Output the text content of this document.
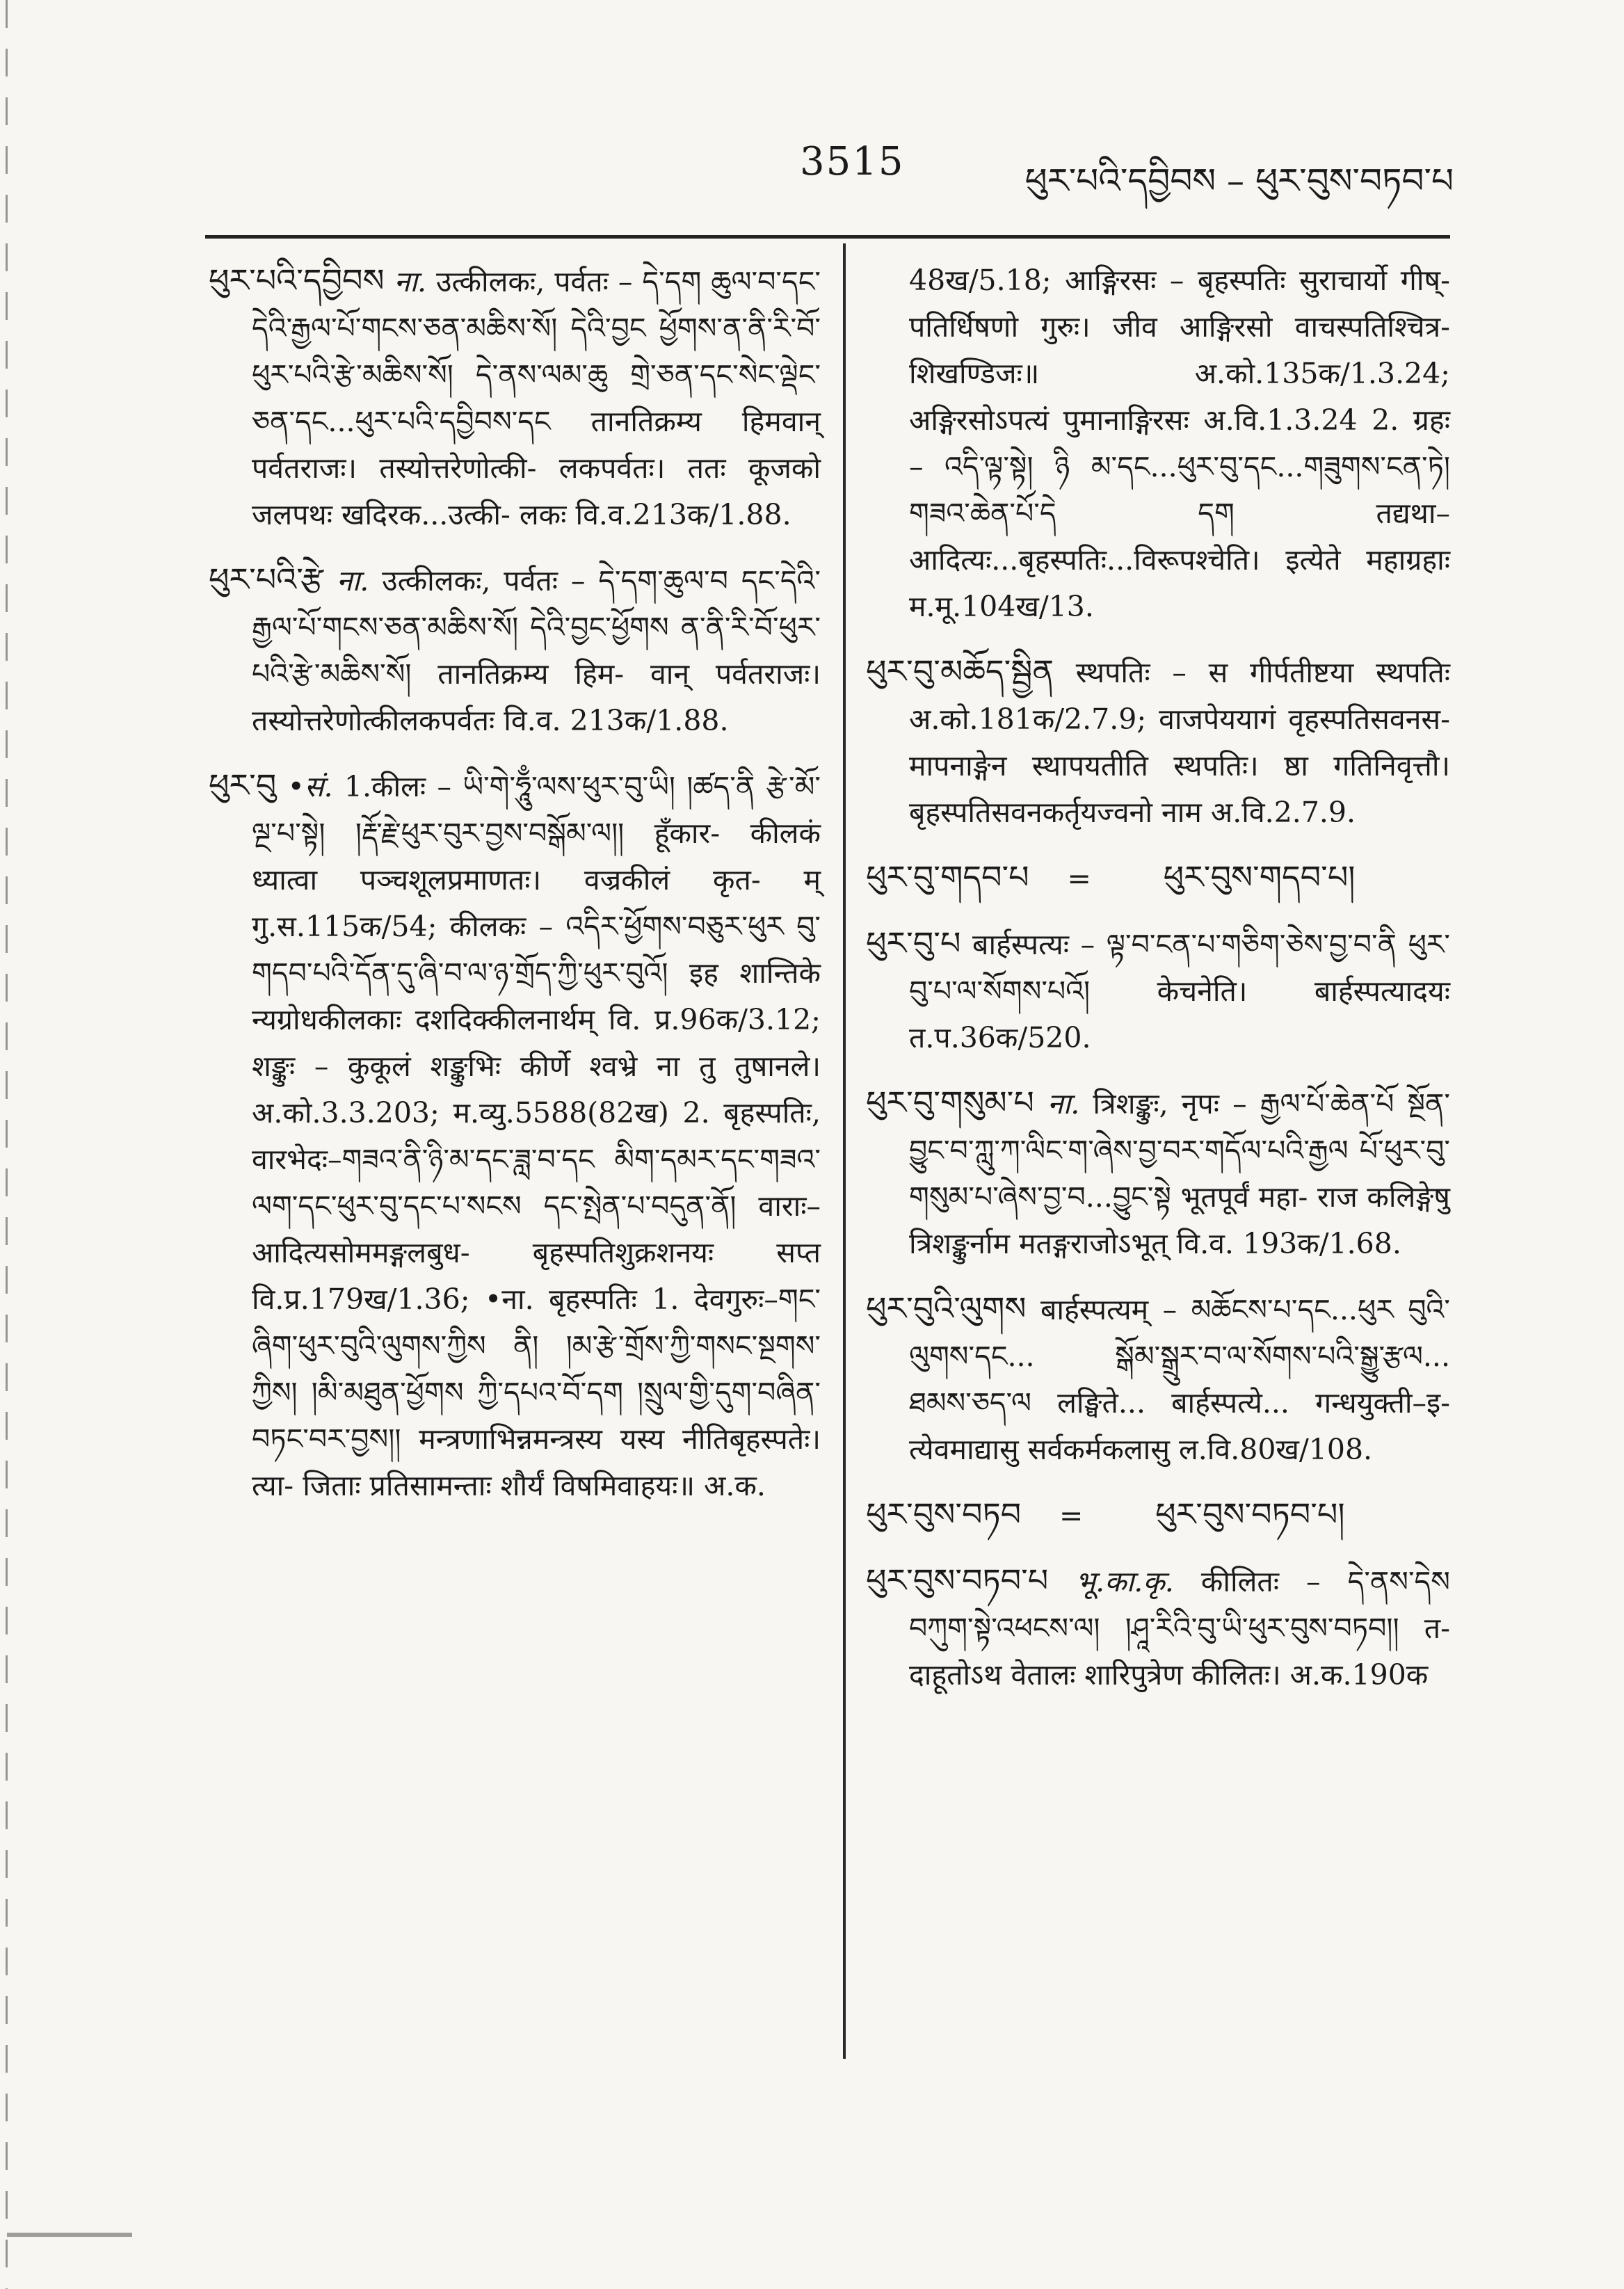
3515	ཕུར་པའི་དབྱིབས – ཕུར་བུས་བཏབ་པ
ཕུར་པའི་དབྱིབས ना. उत्कीलकः, पर्वतः – དེ་དག ཆུལ་བ་དང་དེའི་རྒྱལ་པོ་གངས་ཅན་མཆིས་སོ། དེའི་བྱང ཕྱོགས་ན་ནི་རི་བོ་ཕུར་པའི་རྩེ་མཆིས་སོ། དེ་ནས་ལམ་ཆུ གྲེ་ཅན་དང་སེང་ལྡེང་ཅན་དང...ཕུར་པའི་དབྱིབས་དང तानतिक्रम्य हिमवान् पर्वतराजः। तस्योत्तरेणोत्की- लकपर्वतः। ततः कूजको जलपथः खदिरक...उत्की- लकः वि.व.213क/1.88.
ཕུར་པའི་རྩེ ना. उत्कीलकः, पर्वतः – དེ་དག་ཆུལ་བ དང་དེའི་རྒྱལ་པོ་གངས་ཅན་མཆིས་སོ། དེའི་བྱང་ཕྱོགས ན་ནི་རི་བོ་ཕུར་པའི་རྩེ་མཆིས་སོ། तानतिक्रम्य हिम- वान् पर्वतराजः। तस्योत्तरेणोत्कीलकपर्वतः वि.व. 213क/1.88.
ཕུར་བུ •सं. 1.कीलः – ཡི་གེ་ཧཱུྃ་ལས་ཕུར་བུ་ཡི། །ཚད་ནི རྩེ་མོ་ལྔ་པ་སྟེ། །རྡོ་རྗེ་ཕུར་བུར་བྱས་བསྒོམ་ལ།། हूँकार- कीलकं ध्यात्वा पञ्चशूलप्रमाणतः। वज्रकीलं कृत- म् गु.स.115क/54; कीलकः – འདིར་ཕྱོགས་བཅུར་ཕུར བུ་གདབ་པའི་དོན་དུ་ཞི་བ་ལ་ཉ་གྲོད་ཀྱི་ཕུར་བུའོ། इह शान्तिके न्यग्रोधकीलकाः दशदिक्कीलनार्थम् वि. प्र.96क/3.12; शङ्कुः – कुकूलं शङ्कुभिः कीर्णे श्वभ्रे ना तु तुषानले। अ.को.3.3.203; म.व्यु.5588(82ख) 2. बृहस्पतिः, वारभेदः–གཟའ་ནི་ཉི་མ་དང་ཟླ་བ་དང མིག་དམར་དང་གཟའ་ལག་དང་ཕུར་བུ་དང་པ་སངས དང་སྤེན་པ་བདུན་ནོ། वाराः–आदित्यसोममङ्गलबुध- बृहस्पतिशुक्रशनयः सप्त वि.प्र.179ख/1.36; •ना. बृहस्पतिः 1. देवगुरुः–གང་ཞིག་ཕུར་བུའི་ལུགས་ཀྱིས ནི། །མ་རྩེ་གྲོས་ཀྱི་གསང་སྔགས་ཀྱིས། །མི་མཐུན་ཕྱོགས ཀྱི་དཔའ་བོ་དག །སྲུལ་གྱི་དུག་བཞིན་བཏང་བར་བྱས།། मन्त्रणाभिन्नमन्त्रस्य यस्य नीतिबृहस्पतेः। त्या- जिताः प्रतिसामन्ताः शौर्यं विषमिवाहयः॥ अ.क.
48ख/5.18; आङ्गिरसः – बृहस्पतिः सुराचार्यो गीष्- पतिर्धिषणो गुरुः। जीव आङ्गिरसो वाचस्पतिश्चित्र- शिखण्डिजः॥ अ.को.135क/1.3.24; अङ्गिरसोऽपत्यं पुमानाङ्गिरसः अ.वि.1.3.24 2. ग्रहः – འདི་ལྟ་སྟེ། ཉི མ་དང...ཕུར་བུ་དང...གཟུགས་ངན་ཏེ། གཟའ་ཆེན་པོ་དེ	དག तद्यथा–आदित्यः...बृहस्पतिः...विरूपश्चेति। इत्येते महाग्रहाः म.मू.104ख/13.
ཕུར་བུ་མཆོད་སྦྱིན स्थपतिः – स गीर्पतीष्टया स्थपतिः अ.को.181क/2.7.9; वाजपेययागं वृहस्पतिसवनस- मापनाङ्गेन स्थापयतीति स्थपतिः। ष्ठा गतिनिवृत्तौ। बृहस्पतिसवनकर्तृयज्वनो नाम अ.वि.2.7.9.
ཕུར་བུ་གདབ་པ = ཕུར་བུས་གདབ་པ།
ཕུར་བུ་པ बार्हस्पत्यः – ལྟ་བ་ངན་པ་གཅིག་ཅེས་བྱ་བ་ནི ཕུར་བུ་པ་ལ་སོགས་པའོ། केचनेति। बार्हस्पत्यादयः त.प.36क/520.
ཕུར་བུ་གསུམ་པ ना. त्रिशङ्कुः, नृपः – རྒྱལ་པོ་ཆེན་པོ སྔོན་བྱུང་བ་ཀླུ་ཀ་ལིང་ག་ཞེས་བྱ་བར་གདོལ་པའི་རྒྱལ པོ་ཕུར་བུ་གསུམ་པ་ཞེས་བྱ་བ...བྱུང་སྟེ भूतपूर्वं महा- राज कलिङ्गेषु त्रिशङ्कुर्नाम मतङ्गराजोऽभूत् वि.व. 193क/1.68.
ཕུར་བུའི་ལུགས बार्हस्पत्यम् – མཆོངས་པ་དང...ཕུར བུའི་ལུགས་དང... སྒོམ་སྒྲུར་བ་ལ་སོགས་པའི་སྒྱུ་རྩལ... ཐམས་ཅད་ལ लङ्घिते... बार्हस्पत्ये... गन्धयुक्ती–इ- त्येवमाद्यासु सर्वकर्मकलासु ल.वि.80ख/108.
ཕུར་བུས་བཏབ = ཕུར་བུས་བཏབ་པ།
ཕུར་བུས་བཏབ་པ भू.का.कृ. कीलितः – དེ་ནས་དེས བཀུག་སྟེ་འཕངས་ལ། །ཤཱ་རིའི་བུ་ཡི་ཕུར་བུས་བཏབ།། त- दाहूतोऽथ वेतालः शारिपुत्रेण कीलितः। अ.क.190क
